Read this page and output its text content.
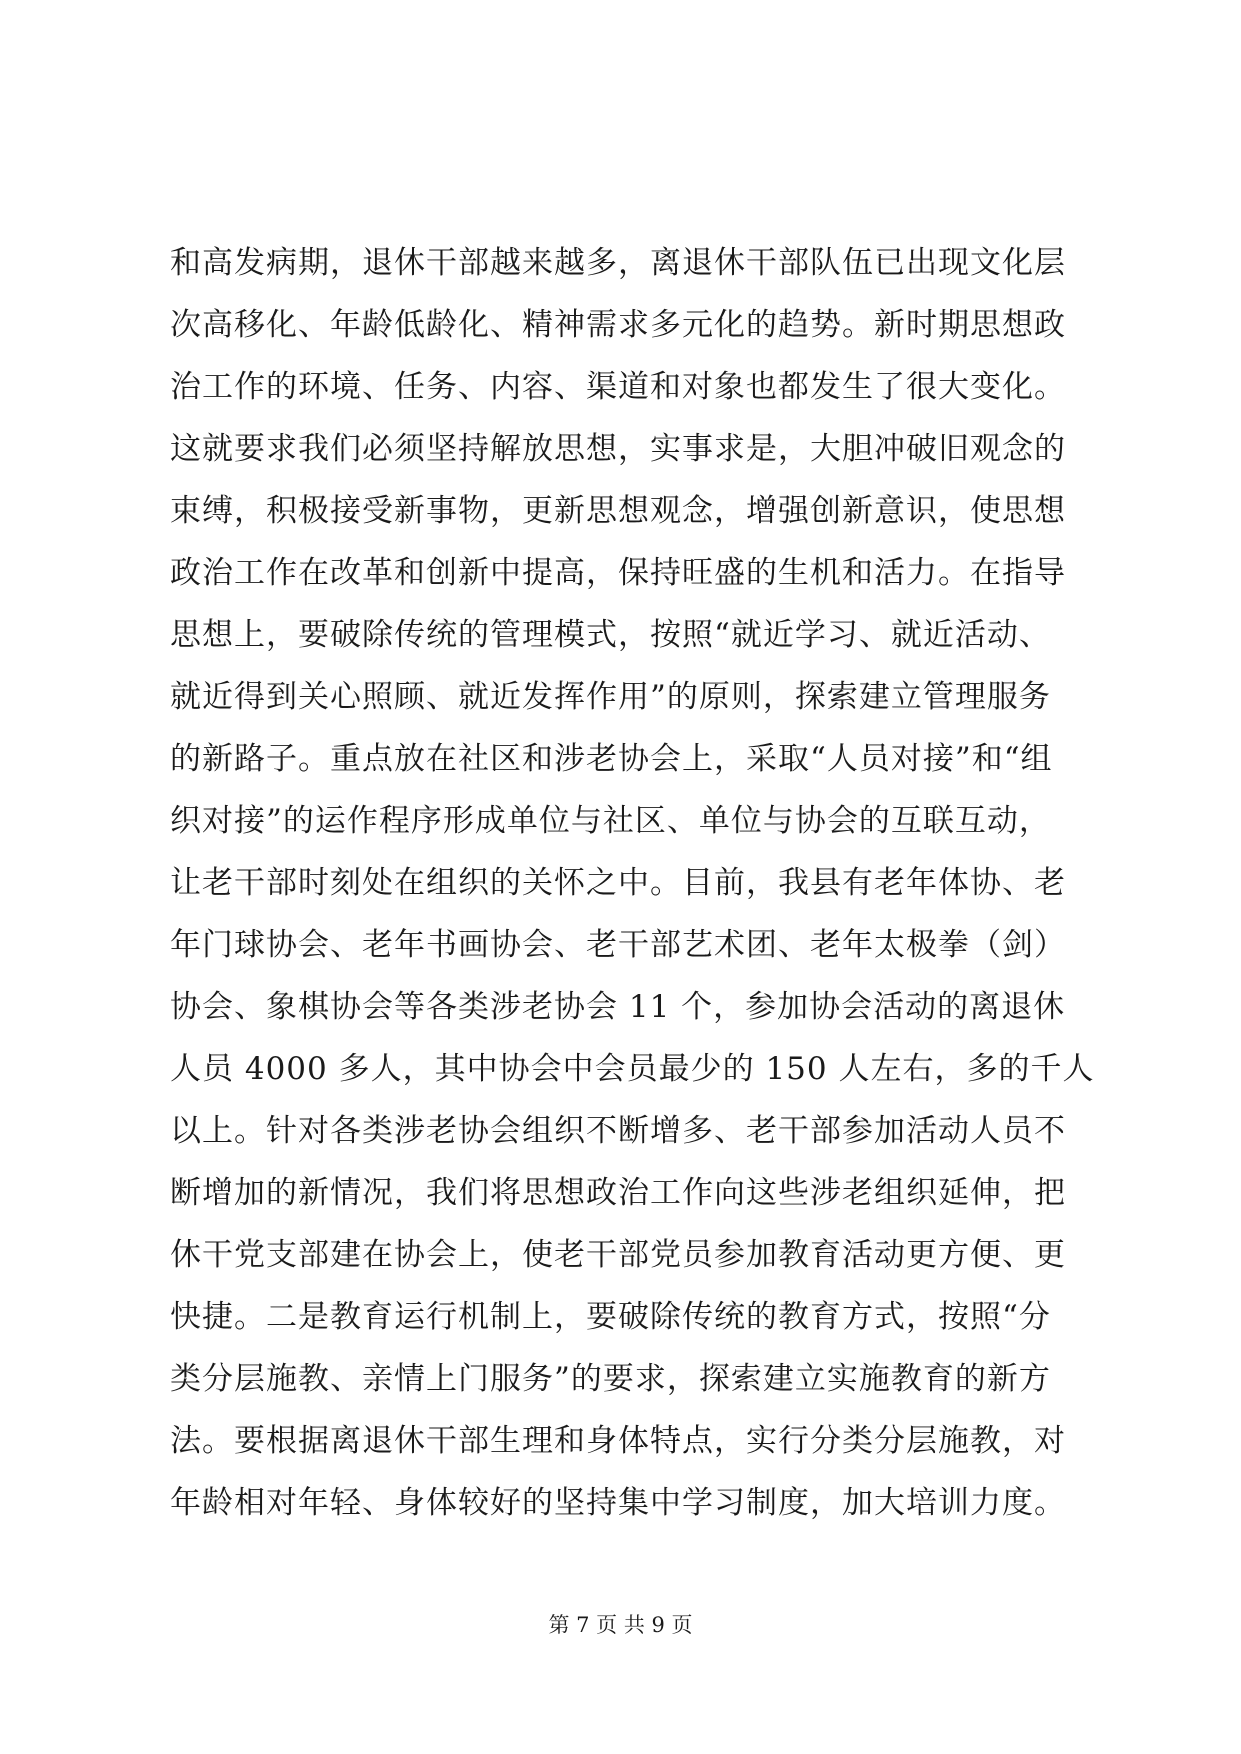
和高发病期，退休干部越来越多，离退休干部队伍已出现文化层
次高移化、年龄低龄化、精神需求多元化的趋势。新时期思想政
治工作的环境、任务、内容、渠道和对象也都发生了很大变化。
这就要求我们必须坚持解放思想，实事求是，大胆冲破旧观念的
束缚，积极接受新事物，更新思想观念，增强创新意识，使思想
政治工作在改革和创新中提高，保持旺盛的生机和活力。在指导
思想上，要破除传统的管理模式，按照“就近学习、就近活动、
就近得到关心照顾、就近发挥作用”的原则，探索建立管理服务
的新路子。重点放在社区和涉老协会上，采取“人员对接”和“组
织对接”的运作程序形成单位与社区、单位与协会的互联互动，
让老干部时刻处在组织的关怀之中。目前，我县有老年体协、老
年门球协会、老年书画协会、老干部艺术团、老年太极拳（剑）
协会、象棋协会等各类涉老协会 11 个，参加协会活动的离退休
人员 4000 多人，其中协会中会员最少的 150 人左右，多的千人
以上。针对各类涉老协会组织不断增多、老干部参加活动人员不
断增加的新情况，我们将思想政治工作向这些涉老组织延伸，把
休干党支部建在协会上，使老干部党员参加教育活动更方便、更
快捷。二是教育运行机制上，要破除传统的教育方式，按照“分
类分层施教、亲情上门服务”的要求，探索建立实施教育的新方
法。要根据离退休干部生理和身体特点，实行分类分层施教，对
年龄相对年轻、身体较好的坚持集中学习制度，加大培训力度。
第 7 页 共 9 页
